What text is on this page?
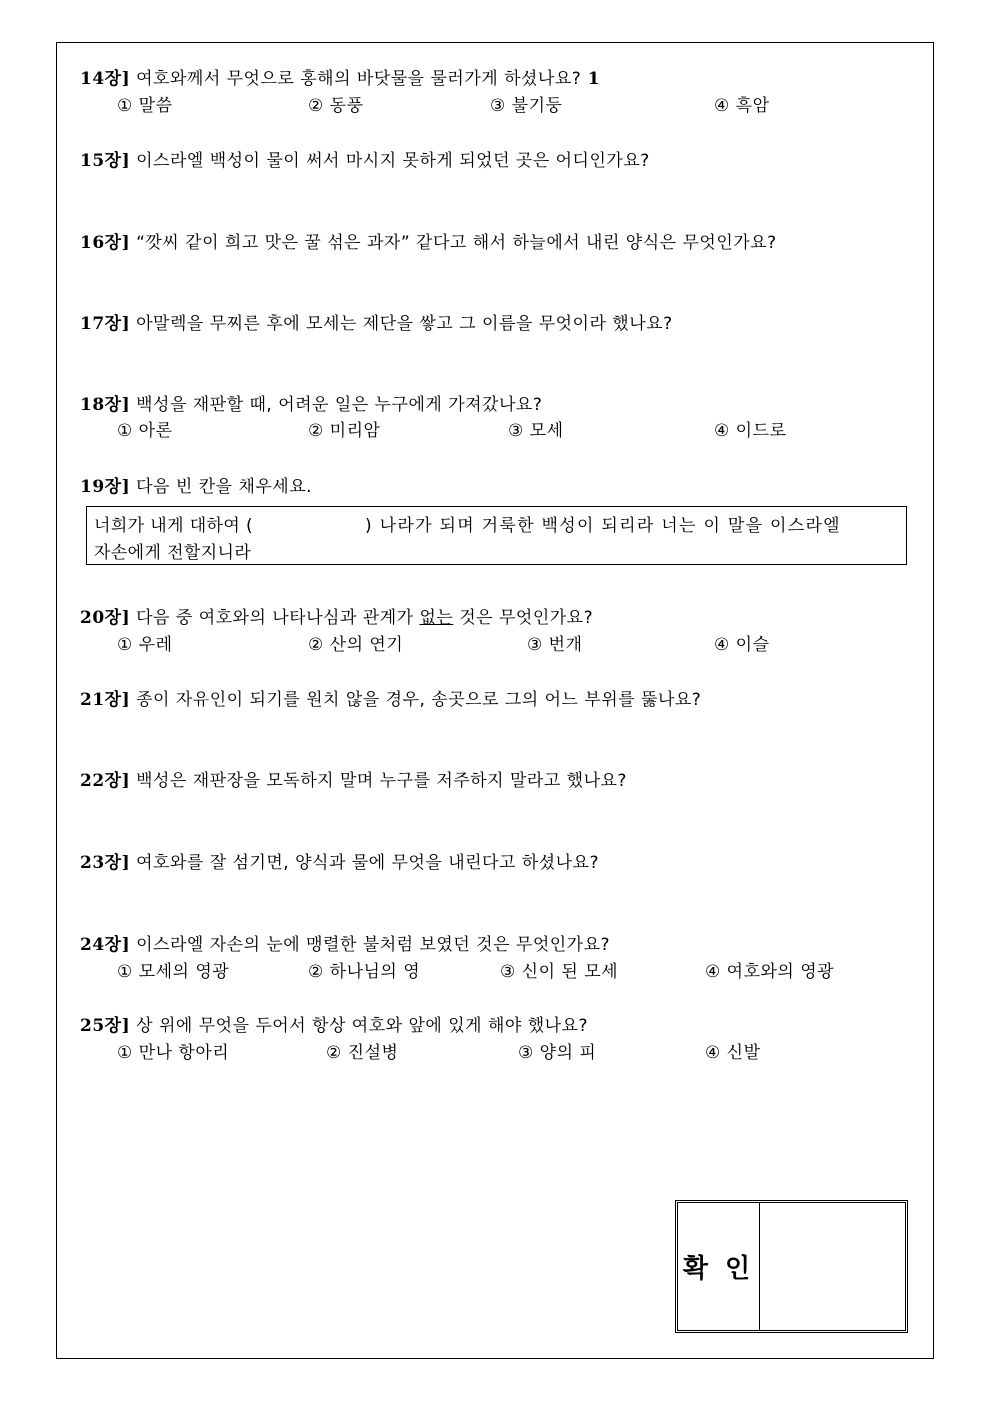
14장] 여호와께서 무엇으로 홍해의 바닷물을 물러가게 하셨나요? 1
① 말씀	② 동풍	③ 불기둥	④ 흑암
15장] 이스라엘 백성이 물이 써서 마시지 못하게 되었던 곳은 어디인가요?
16장] “깟씨 같이 희고 맛은 꿀 섞은 과자” 같다고 해서 하늘에서 내린 양식은 무엇인가요?
17장] 아말렉을 무찌른 후에 모세는 제단을 쌓고 그 이름을 무엇이라 했나요?
18장] 백성을 재판할 때, 어려운 일은 누구에게 가져갔나요?
① 아론	② 미리암	③ 모세	④ 이드로
19장] 다음 빈 칸을 채우세요.
너희가 내게 대하여 (	) 나라가 되며 거룩한 백성이 되리라 너는 이 말을 이스라엘
자손에게 전할지니라
20장] 다음 중 여호와의 나타나심과 관계가 없는 것은 무엇인가요?
① 우레	② 산의 연기	③ 번개	④ 이슬
21장] 종이 자유인이 되기를 원치 않을 경우, 송곳으로 그의 어느 부위를 뚫나요?
22장] 백성은 재판장을 모독하지 말며 누구를 저주하지 말라고 했나요?
23장] 여호와를 잘 섬기면, 양식과 물에 무엇을 내린다고 하셨나요?
24장] 이스라엘 자손의 눈에 맹렬한 불처럼 보였던 것은 무엇인가요?
① 모세의 영광	② 하나님의 영	③ 신이 된 모세	④ 여호와의 영광
25장] 상 위에 무엇을 두어서 항상 여호와 앞에 있게 해야 했나요?
① 만나 항아리	② 진설병	③ 양의 피	④ 신발
확 인
